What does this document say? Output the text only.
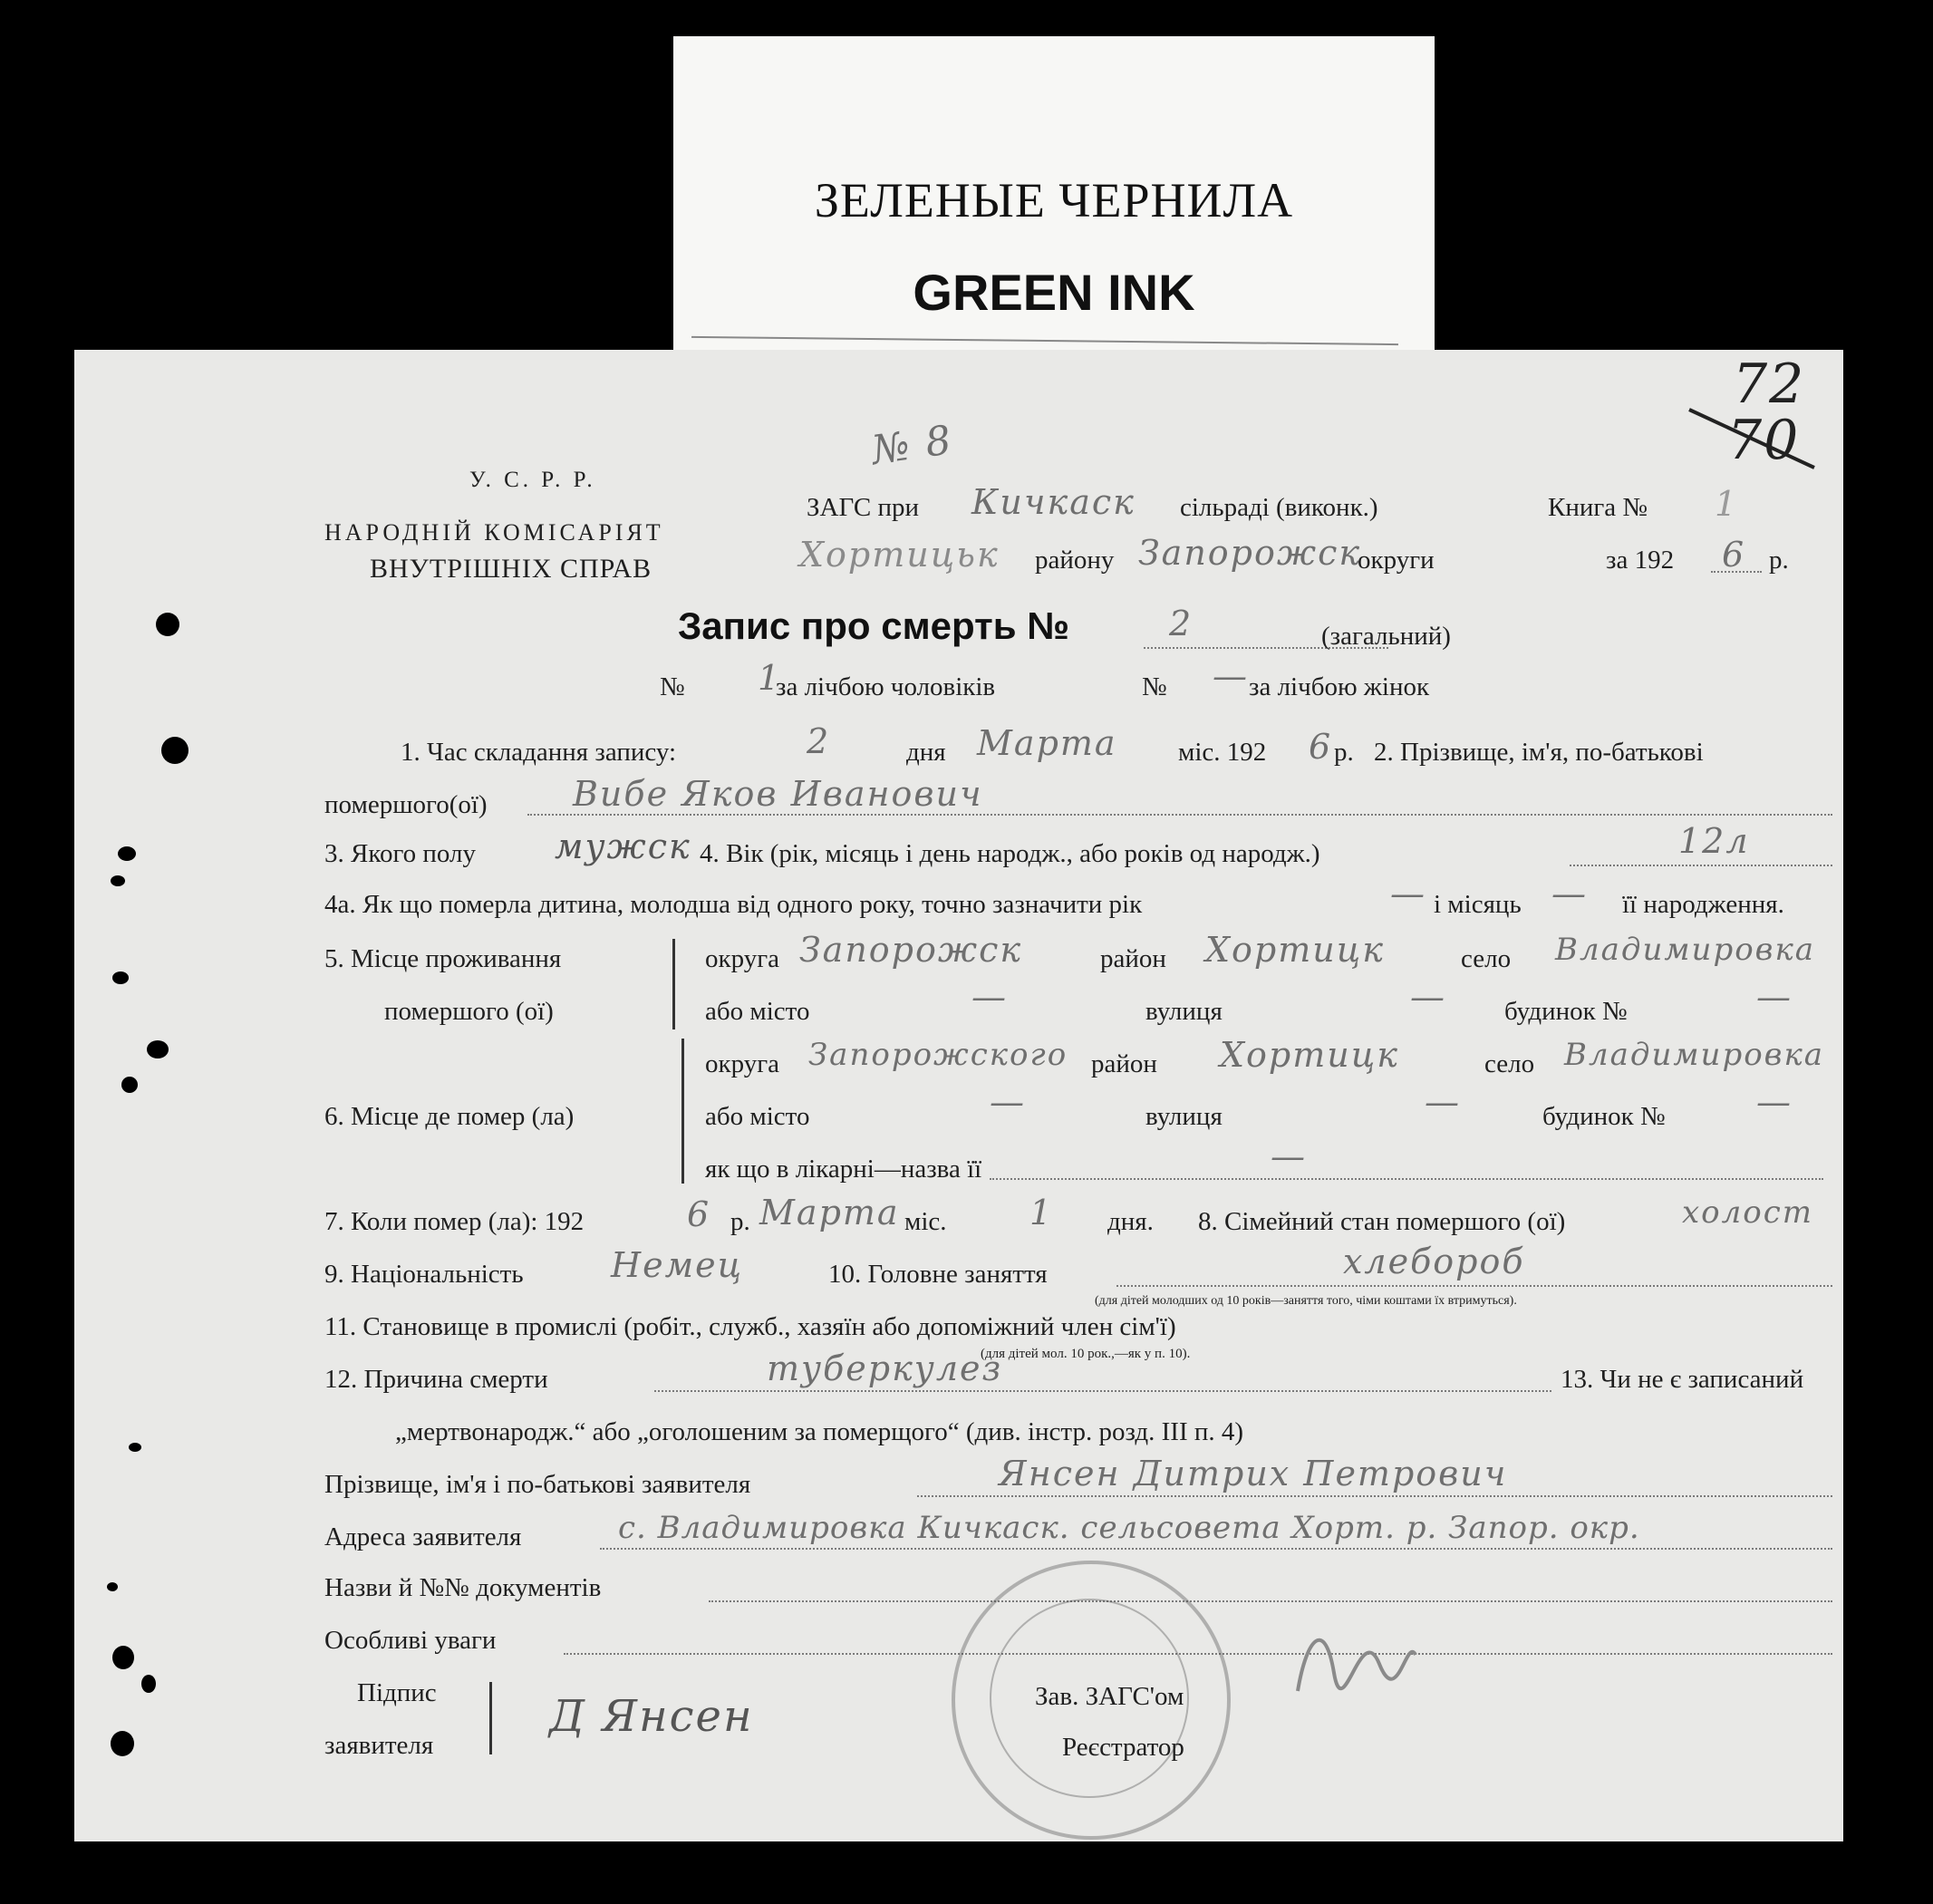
ЗЕЛЕНЫЕ ЧЕРНИЛА
GREEN INK
72
70
У. С. Р. Р.
НАРОДНІЙ КОМІСАРІЯТ
ВНУТРІШНІХ СПРАВ
№ 8
ЗАГС при Кичкаск сільраді (виконк.)
Хортицьк району Запорожск
округи
Книга № 1
за 192 6 р.
Запис про смерть №	2	(загальний)
№ 1
за лічбою чоловіків	№ — за лічбою жінок
1. Час складання запису:	2	дня Марта міс. 192 6 р. 2. Прізвище, ім'я, по-батькові
помершого(ої) Вибе Яков Иванович
3. Якого полу мужск 4. Вік (рік, місяць і день народж., або років од народж.)	12л
4а. Як що померла дитина, молодша від одного року, точно зазначити рік	— і місяць — її народження.
5. Місце проживання
помершого (ої)
округа Запорожск	район Хортицк	село Владимировка
або місто	—	вулиця	— будинок №	—
округа Запорожского район Хортицк	село Владимировка
6. Місце де помер (ла)	або місто	—	вулиця	—	будинок №	—
як що в лікарні—назва її	—
7. Коли помер (ла): 192	6 р. Марта міс. 1 дня. 8. Сімейний стан помершого (ої)	холост
9. Національність	Немец	10. Головне заняття	хлебороб
(для дітей молодших од 10 років—заняття того, чіми коштами їх втримуться).
11. Становище в промислі (робіт., служб., хазяїн або допоміжний член сім'ї)
(для дітей мол. 10 рок.,—як у п. 10).
12. Причина смерти	туберкулез	13. Чи не є записаний
„мертвонародж.“ або „оголошеним за померщого“ (див. інстр. розд. III п. 4)
Прізвище, ім'я і по-батькові заявителя	Янсен Дитрих Петрович
Адреса заявителя	с. Владимировка Кичкаск. сельсовета Хорт. р. Запор. окр.
Назви й №№ документів
Особливі уваги
Підпис
заявителя
Д Янсен	Зав. ЗАГС'ом
Реєстратор
